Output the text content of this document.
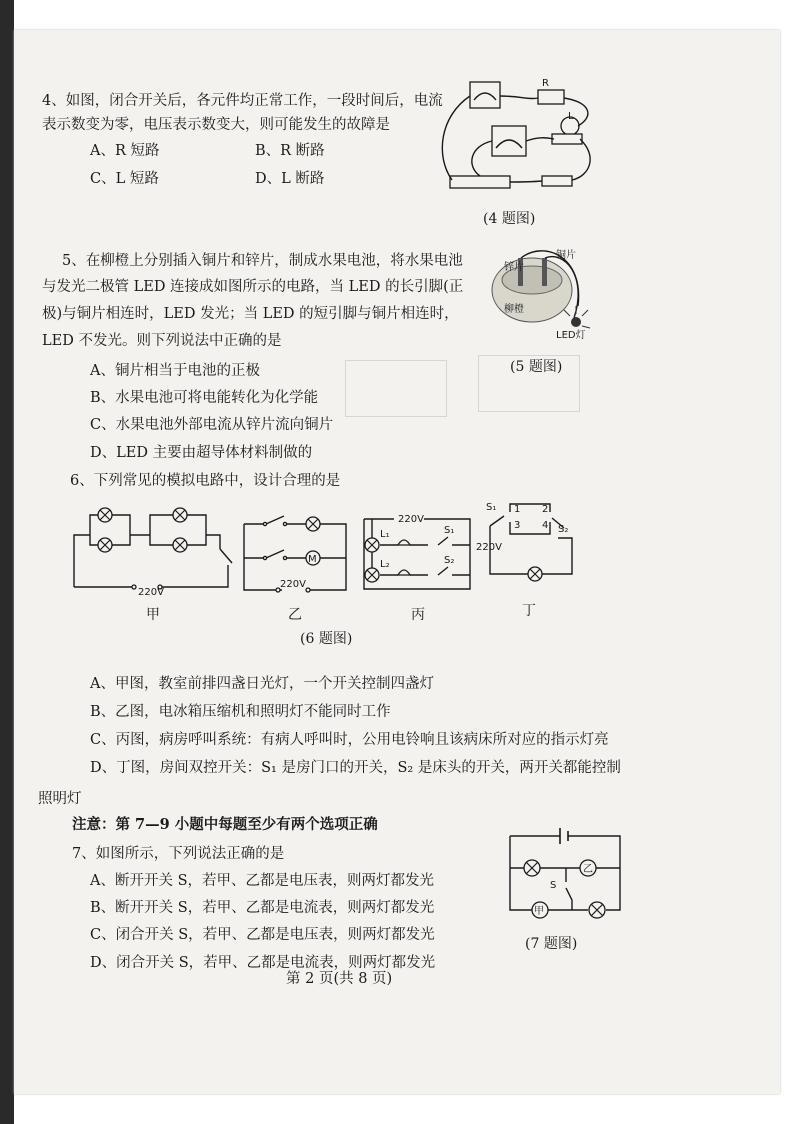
4、如图，闭合开关后，各元件均正常工作，一段时间后，电流
表示数变为零，电压表示数变大，则可能发生的故障是
A、R 短路	B、R 断路
C、L 短路	D、L 断路
R
L
(4 题图)
5、在柳橙上分别插入铜片和锌片，制成水果电池，将水果电池
与发光二极管 LED 连接成如图所示的电路，当 LED 的长引脚(正
极)与铜片相连时，LED 发光；当 LED 的短引脚与铜片相连时，
LED 不发光。则下列说法中正确的是
A、铜片相当于电池的正极
B、水果电池可将电能转化为化学能
C、水果电池外部电流从锌片流向铜片
D、LED 主要由超导体材料制做的
锌片
铜片
柳橙
LED灯
(5 题图)
6、下列常见的模拟电路中，设计合理的是
220V
甲
M
220V
乙
220V
L₁
L₂
S₁
S₂
丙
S₁ 1
3
2
4 S₂
220V
丁
(6 题图)
A、甲图，教室前排四盏日光灯，一个开关控制四盏灯
B、乙图，电冰箱压缩机和照明灯不能同时工作
C、丙图，病房呼叫系统：有病人呼叫时，公用电铃响且该病床所对应的指示灯亮
D、丁图，房间双控开关：S₁ 是房门口的开关，S₂ 是床头的开关，两开关都能控制
照明灯
注意：第 7—9 小题中每题至少有两个选项正确
7、如图所示，下列说法正确的是
A、断开开关 S，若甲、乙都是电压表，则两灯都发光
B、断开开关 S，若甲、乙都是电流表，则两灯都发光
C、闭合开关 S，若甲、乙都是电压表，则两灯都发光
D、闭合开关 S，若甲、乙都是电流表，则两灯都发光
乙
甲
S
(7 题图)
第 2 页(共 8 页)
